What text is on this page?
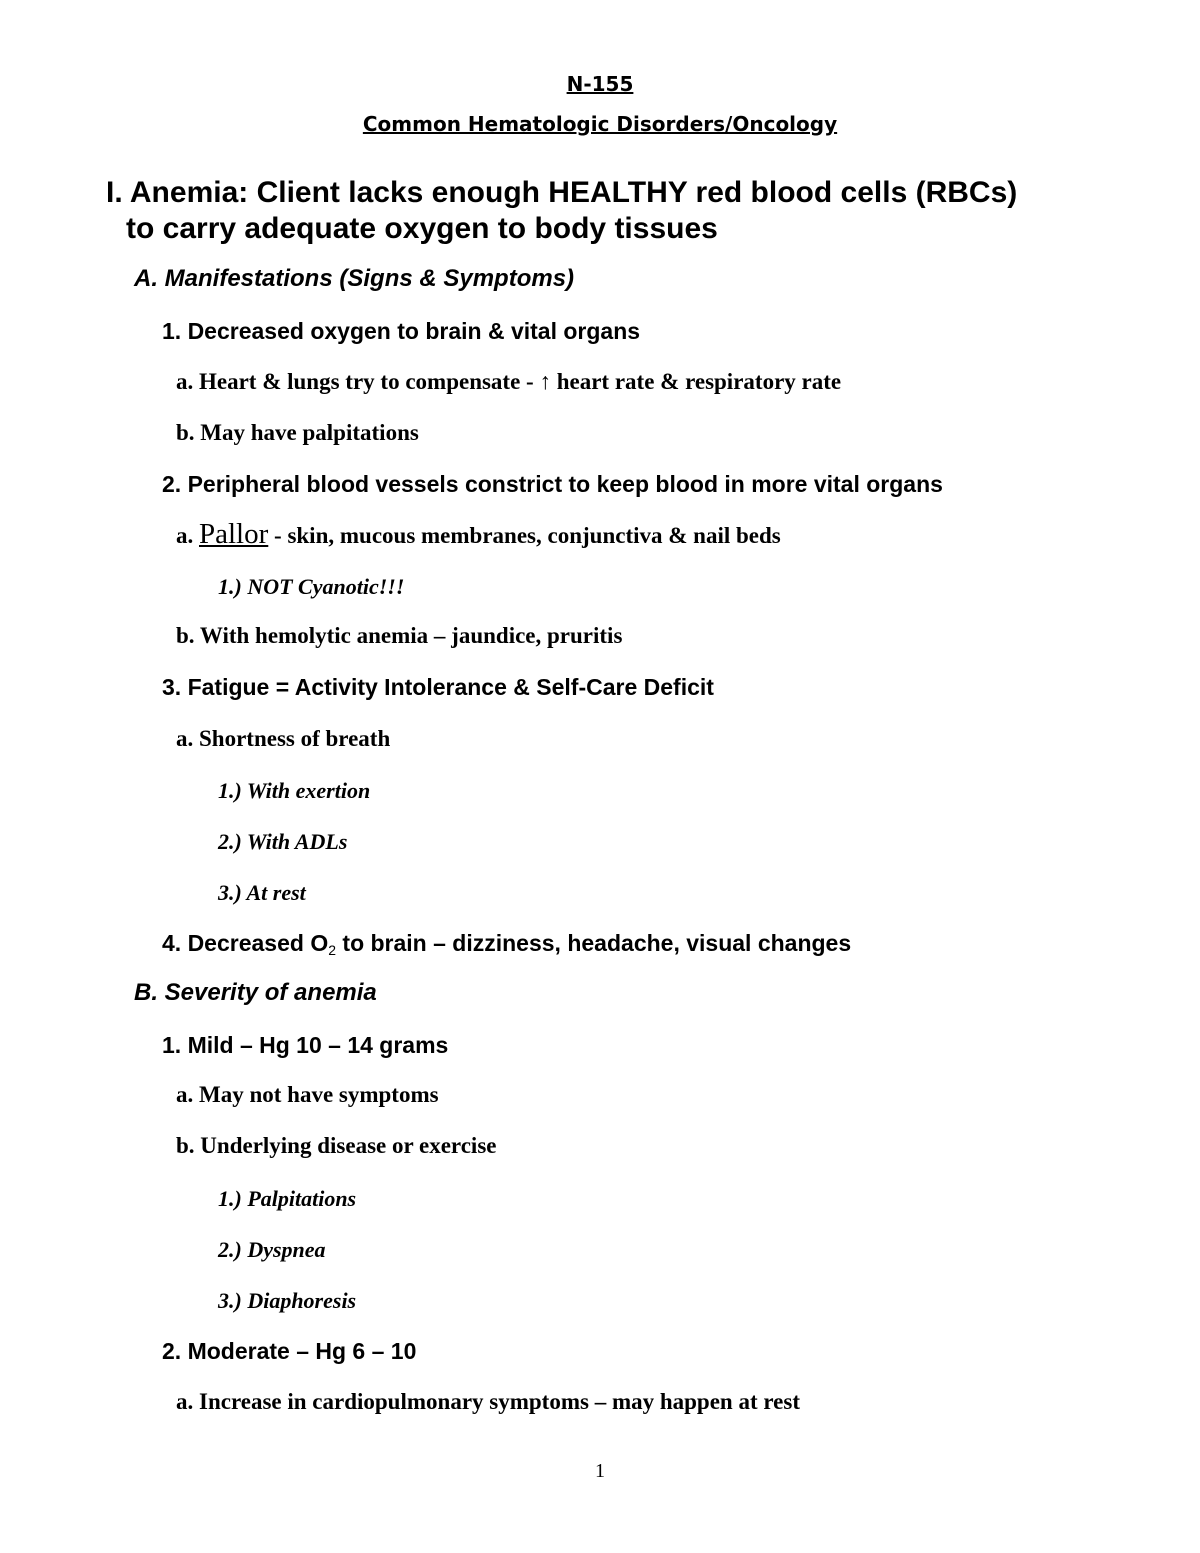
N-155
Common Hematologic Disorders/Oncology
I. Anemia: Client lacks enough HEALTHY red blood cells (RBCs)
to carry adequate oxygen to body tissues
A. Manifestations (Signs & Symptoms)
1. Decreased oxygen to brain & vital organs
a. Heart & lungs try to compensate - ↑ heart rate & respiratory rate
b. May have palpitations
2. Peripheral blood vessels constrict to keep blood in more vital organs
a. Pallor - skin, mucous membranes, conjunctiva & nail beds
1.) NOT Cyanotic!!!
b. With hemolytic anemia – jaundice, pruritis
3. Fatigue = Activity Intolerance & Self-Care Deficit
a. Shortness of breath
1.) With exertion
2.) With ADLs
3.) At rest
4. Decreased $O_2$ to brain – dizziness, headache, visual changes
B. Severity of anemia
1. Mild – Hg 10 – 14 grams
a. May not have symptoms
b. Underlying disease or exercise
1.) Palpitations
2.) Dyspnea
3.) Diaphoresis
2. Moderate – Hg 6 – 10
a. Increase in cardiopulmonary symptoms – may happen at rest
1
